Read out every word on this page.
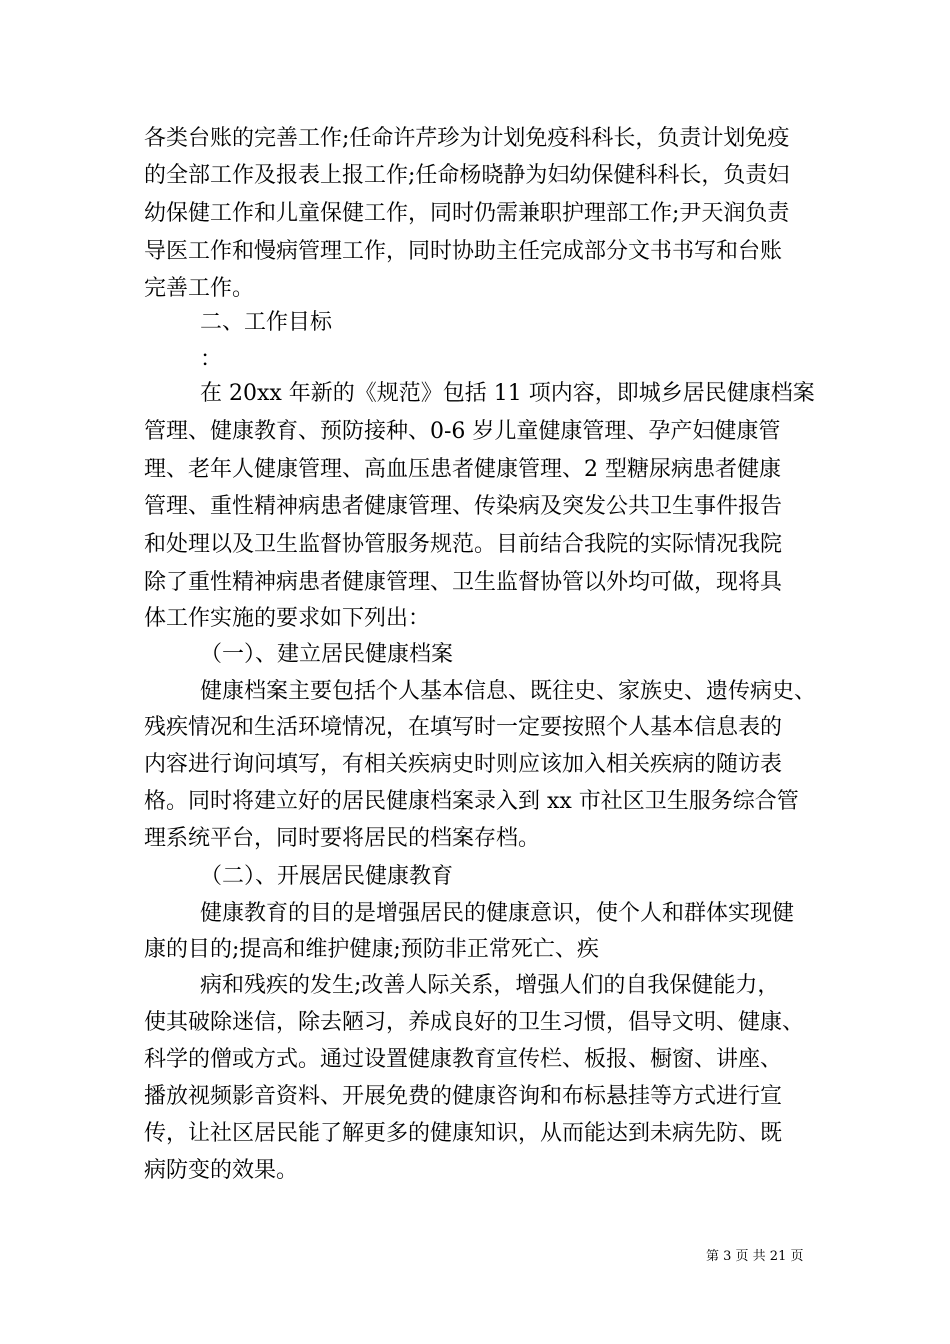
各类台账的完善工作;任命许芹珍为计划免疫科科长，负责计划免疫
的全部工作及报表上报工作;任命杨晓静为妇幼保健科科长，负责妇
幼保健工作和儿童保健工作，同时仍需兼职护理部工作;尹天润负责
导医工作和慢病管理工作，同时协助主任完成部分文书书写和台账
完善工作。
二、工作目标
：
在 20xx 年新的《规范》包括 11 项内容，即城乡居民健康档案
管理、健康教育、预防接种、0-6 岁儿童健康管理、孕产妇健康管
理、老年人健康管理、高血压患者健康管理、2 型糖尿病患者健康
管理、重性精神病患者健康管理、传染病及突发公共卫生事件报告
和处理以及卫生监督协管服务规范。目前结合我院的实际情况我院
除了重性精神病患者健康管理、卫生监督协管以外均可做，现将具
体工作实施的要求如下列出：
（一）、建立居民健康档案
健康档案主要包括个人基本信息、既往史、家族史、遗传病史、
残疾情况和生活环境情况，在填写时一定要按照个人基本信息表的
内容进行询问填写，有相关疾病史时则应该加入相关疾病的随访表
格。同时将建立好的居民健康档案录入到 xx 市社区卫生服务综合管
理系统平台，同时要将居民的档案存档。
（二）、开展居民健康教育
健康教育的目的是增强居民的健康意识，使个人和群体实现健
康的目的;提高和维护健康;预防非正常死亡、疾
病和残疾的发生;改善人际关系，增强人们的自我保健能力，
使其破除迷信，除去陋习，养成良好的卫生习惯，倡导文明、健康、
科学的僧或方式。通过设置健康教育宣传栏、板报、橱窗、讲座、
播放视频影音资料、开展免费的健康咨询和布标悬挂等方式进行宣
传，让社区居民能了解更多的健康知识，从而能达到未病先防、既
病防变的效果。
第 3 页 共 21 页
